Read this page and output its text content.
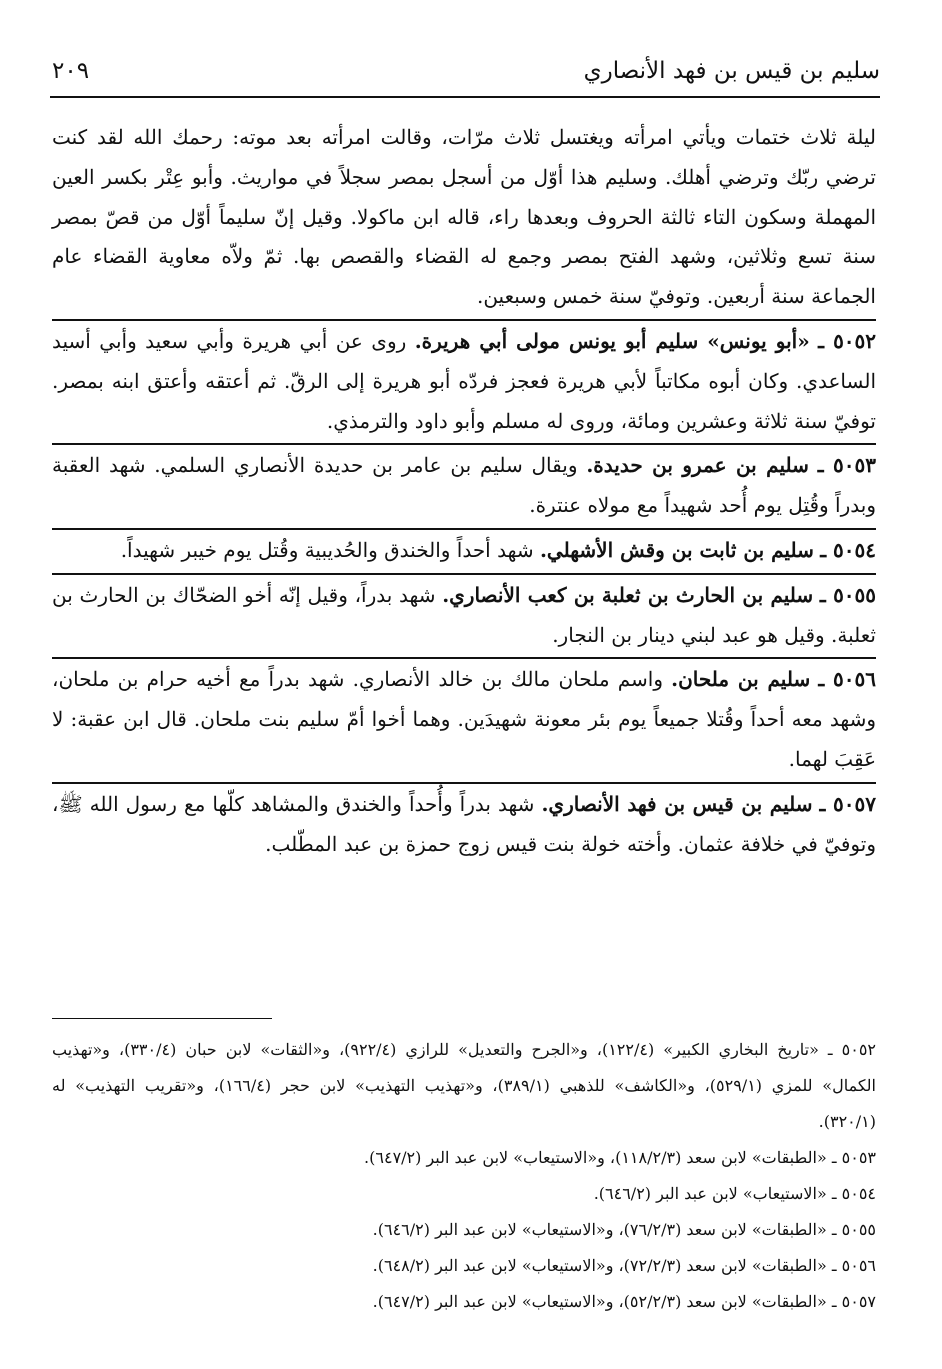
سليم بن قيس بن فهد الأنصاري
٢٠٩

ليلة ثلاث ختمات ويأتي امرأته ويغتسل ثلاث مرّات، وقالت امرأته بعد موته: رحمك الله لقد كنت ترضي ربّك وترضي أهلك. وسليم هذا أوّل من أسجل بمصر سجلاً في مواريث. وأبو عِتْر بكسر العين المهملة وسكون التاء ثالثة الحروف وبعدها راء، قاله ابن ماكولا. وقيل إنّ سليماً أوّل من قصّ بمصر سنة تسع وثلاثين، وشهد الفتح بمصر وجمع له القضاء والقصص بها. ثمّ ولاّه معاوية القضاء عام الجماعة سنة أربعين. وتوفيّ سنة خمس وسبعين.

٥٠٥٢ ـ «أبو يونس» سليم أبو يونس مولى أبي هريرة. روى عن أبي هريرة وأبي سعيد وأبي أسيد الساعدي. وكان أبوه مكاتباً لأبي هريرة فعجز فردّه أبو هريرة إلى الرقّ. ثم أعتقه وأعتق ابنه بمصر. توفيّ سنة ثلاثة وعشرين ومائة، وروى له مسلم وأبو داود والترمذي.

٥٠٥٣ ـ سليم بن عمرو بن حديدة. ويقال سليم بن عامر بن حديدة الأنصاري السلمي. شهد العقبة وبدراً وقُتِل يوم أُحد شهيداً مع مولاه عنترة.

٥٠٥٤ ـ سليم بن ثابت بن وقش الأشهلي. شهد أحداً والخندق والحُديبية وقُتل يوم خيبر شهيداً.

٥٠٥٥ ـ سليم بن الحارث بن ثعلبة بن كعب الأنصاري. شهد بدراً، وقيل إنّه أخو الضحّاك بن الحارث بن ثعلبة. وقيل هو عبد لبني دينار بن النجار.

٥٠٥٦ ـ سليم بن ملحان. واسم ملحان مالك بن خالد الأنصاري. شهد بدراً مع أخيه حرام بن ملحان، وشهد معه أحداً وقُتلا جميعاً يوم بئر معونة شهيدَين. وهما أخوا أمّ سليم بنت ملحان. قال ابن عقبة: لا عَقِبَ لهما.

٥٠٥٧ ـ سليم بن قيس بن فهد الأنصاري. شهد بدراً وأُحداً والخندق والمشاهد كلّها مع رسول الله ﷺ، وتوفيّ في خلافة عثمان. وأخته خولة بنت قيس زوج حمزة بن عبد المطّلب.

٥٠٥٢ ـ «تاريخ البخاري الكبير» (١٢٢/٤)، و«الجرح والتعديل» للرازي (٩٢٢/٤)، و«الثقات» لابن حبان (٣٣٠/٤)، و«تهذيب الكمال» للمزي (٥٢٩/١)، و«الكاشف» للذهبي (٣٨٩/١)، و«تهذيب التهذيب» لابن حجر (١٦٦/٤)، و«تقريب التهذيب» له (٣٢٠/١).

٥٠٥٣ ـ «الطبقات» لابن سعد (١١٨/٢/٣)، و«الاستيعاب» لابن عبد البر (٦٤٧/٢).

٥٠٥٤ ـ «الاستيعاب» لابن عبد البر (٦٤٦/٢).

٥٠٥٥ ـ «الطبقات» لابن سعد (٧٦/٢/٣)، و«الاستيعاب» لابن عبد البر (٦٤٦/٢).

٥٠٥٦ ـ «الطبقات» لابن سعد (٧٢/٢/٣)، و«الاستيعاب» لابن عبد البر (٦٤٨/٢).

٥٠٥٧ ـ «الطبقات» لابن سعد (٥٢/٢/٣)، و«الاستيعاب» لابن عبد البر (٦٤٧/٢).
